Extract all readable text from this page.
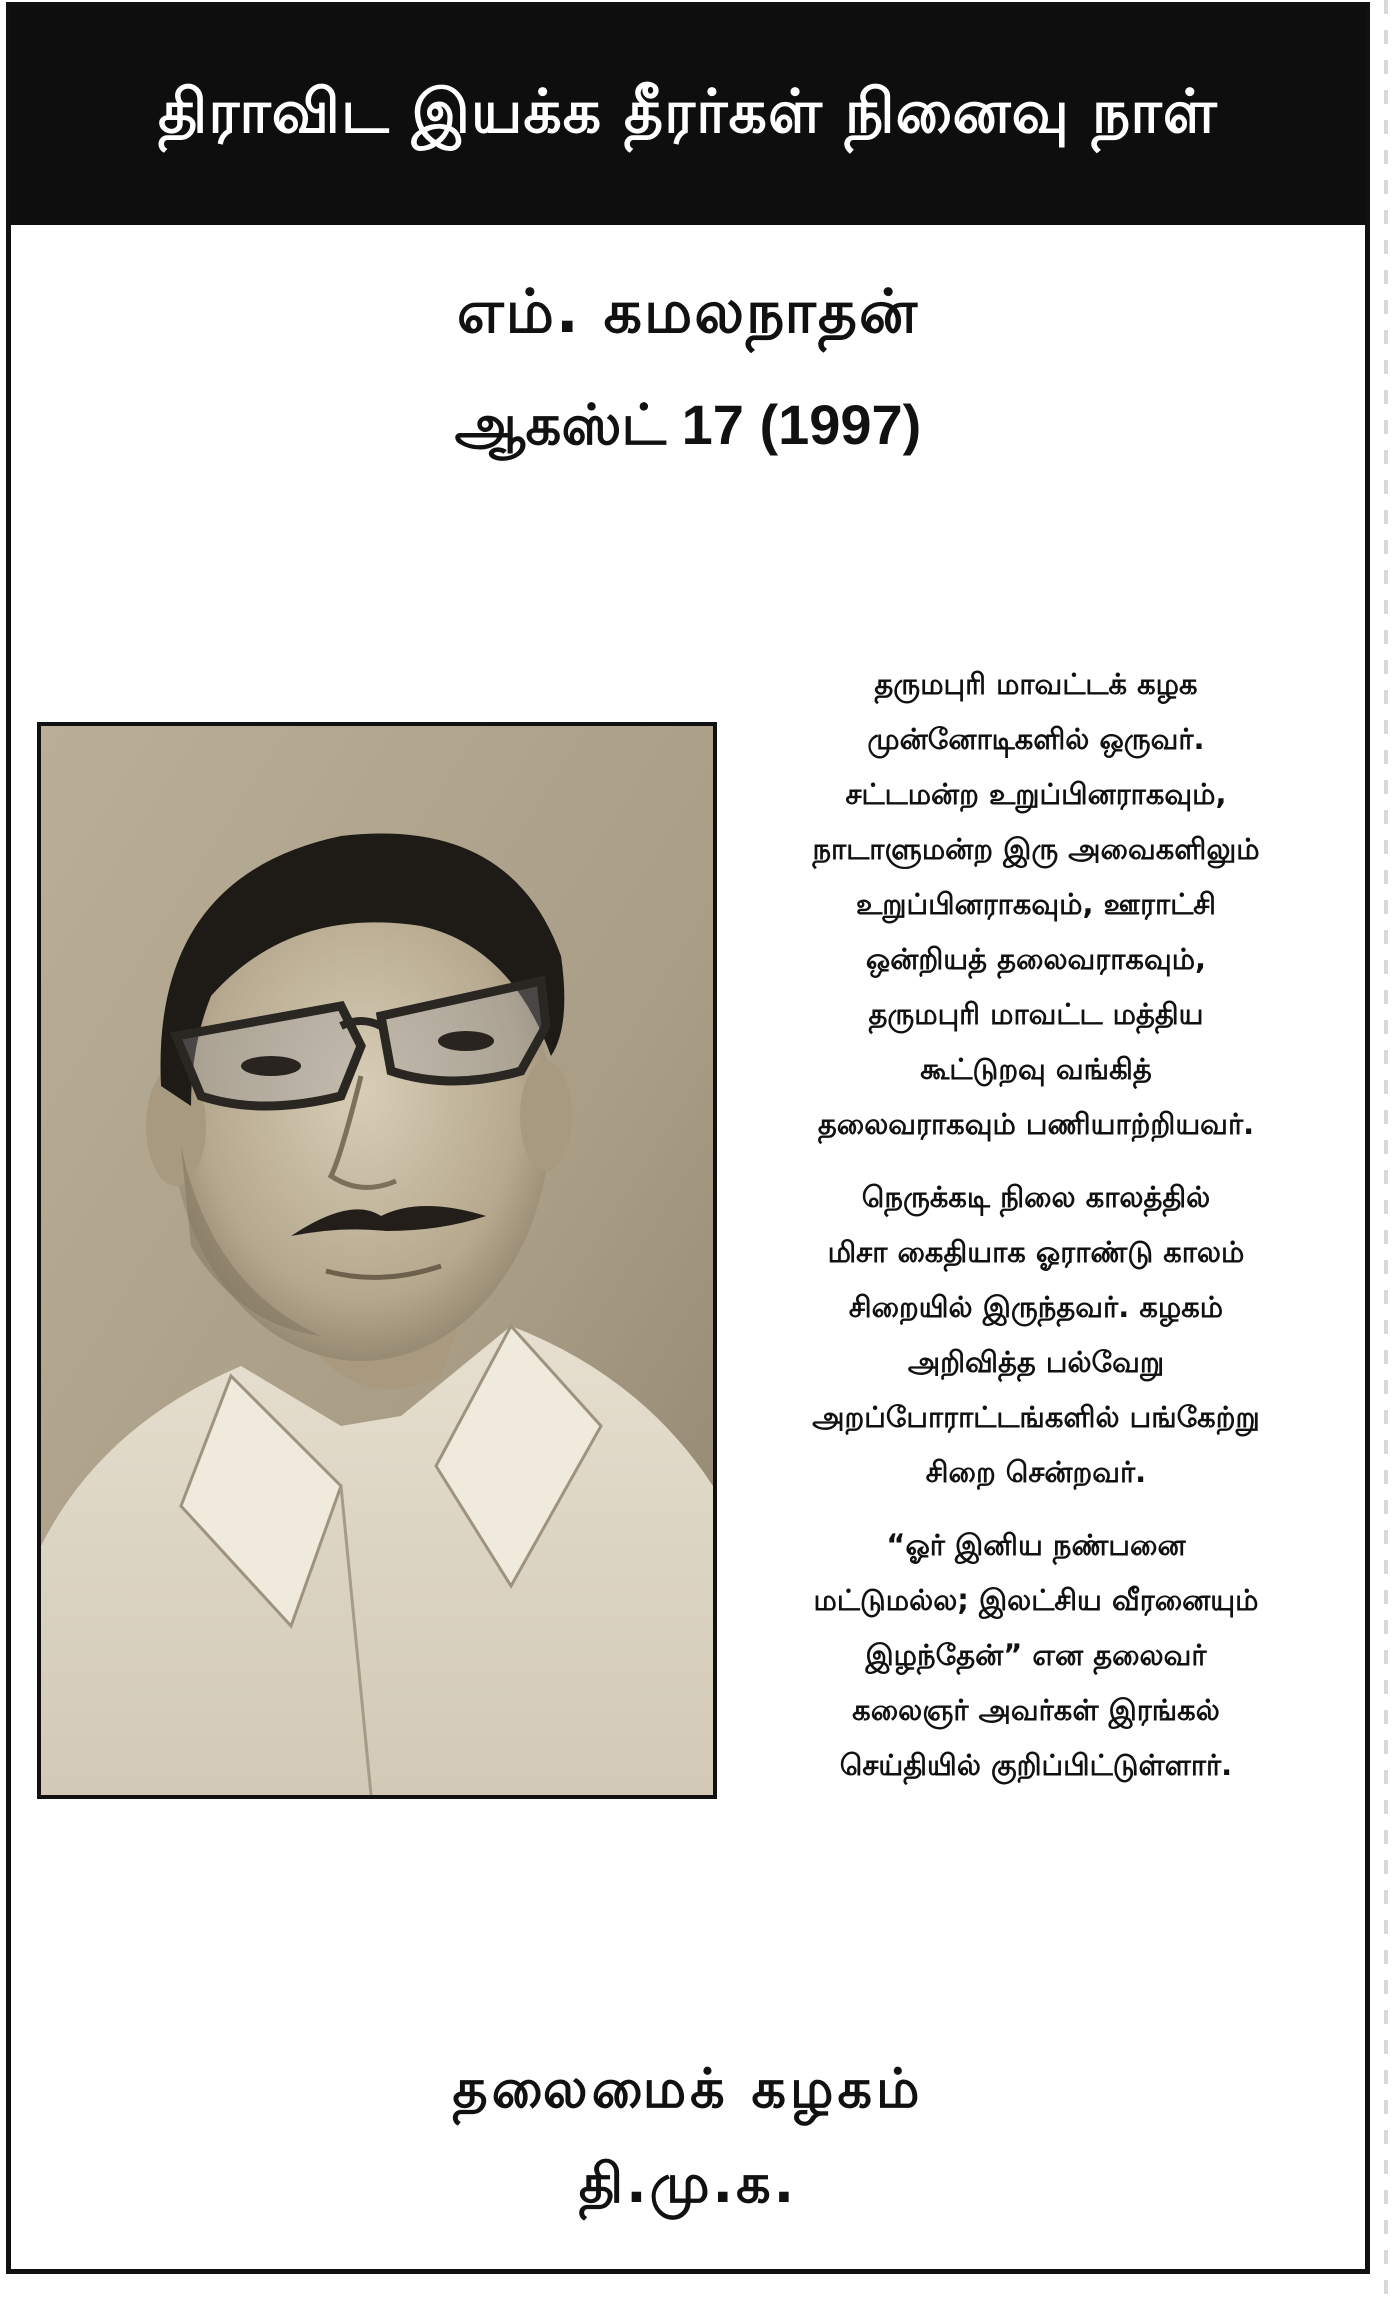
திராவிட இயக்க தீரர்கள் நினைவு நாள்
எம். கமலநாதன்
ஆகஸ்ட் 17 (1997)

தருமபுரி மாவட்டக் கழக
முன்னோடிகளில் ஒருவர்.
சட்டமன்ற உறுப்பினராகவும்,
நாடாளுமன்ற இரு அவைகளிலும்
உறுப்பினராகவும், ஊராட்சி
ஒன்றியத் தலைவராகவும்,
தருமபுரி மாவட்ட மத்திய
கூட்டுறவு வங்கித்
தலைவராகவும் பணியாற்றியவர்.

நெருக்கடி நிலை காலத்தில்
மிசா கைதியாக ஓராண்டு காலம்
சிறையில் இருந்தவர். கழகம்
அறிவித்த பல்வேறு
அறப்போராட்டங்களில் பங்கேற்று
சிறை சென்றவர்.

“ஓர் இனிய நண்பனை
மட்டுமல்ல; இலட்சிய வீரனையும்
இழந்தேன்” என தலைவர்
கலைஞர் அவர்கள் இரங்கல்
செய்தியில் குறிப்பிட்டுள்ளார்.

தலைமைக் கழகம்
தி.மு.க.
